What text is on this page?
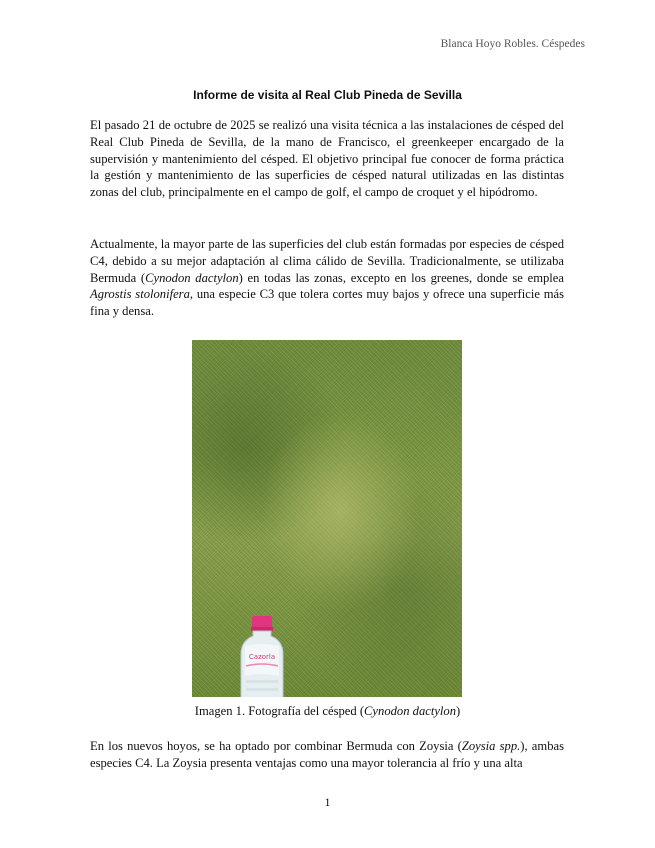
Blanca Hoyo Robles. Céspedes
Informe de visita al Real Club Pineda de Sevilla

El pasado 21 de octubre de 2025 se realizó una visita técnica a las instalaciones de césped del Real Club Pineda de Sevilla, de la mano de Francisco, el greenkeeper encargado de la supervisión y mantenimiento del césped. El objetivo principal fue conocer de forma práctica la gestión y mantenimiento de las superficies de césped natural utilizadas en las distintas zonas del club, principalmente en el campo de golf, el campo de croquet y el hipódromo.

Actualmente, la mayor parte de las superficies del club están formadas por especies de césped C4, debido a su mejor adaptación al clima cálido de Sevilla. Tradicionalmente, se utilizaba Bermuda (Cynodon dactylon) en todas las zonas, excepto en los greenes, donde se emplea Agrostis stolonifera, una especie C3 que tolera cortes muy bajos y ofrece una superficie más fina y densa.

Cazorla
Imagen 1. Fotografía del césped (Cynodon dactylon)

En los nuevos hoyos, se ha optado por combinar Bermuda con Zoysia (Zoysia spp.), ambas especies C4. La Zoysia presenta ventajas como una mayor tolerancia al frío y una alta

1
